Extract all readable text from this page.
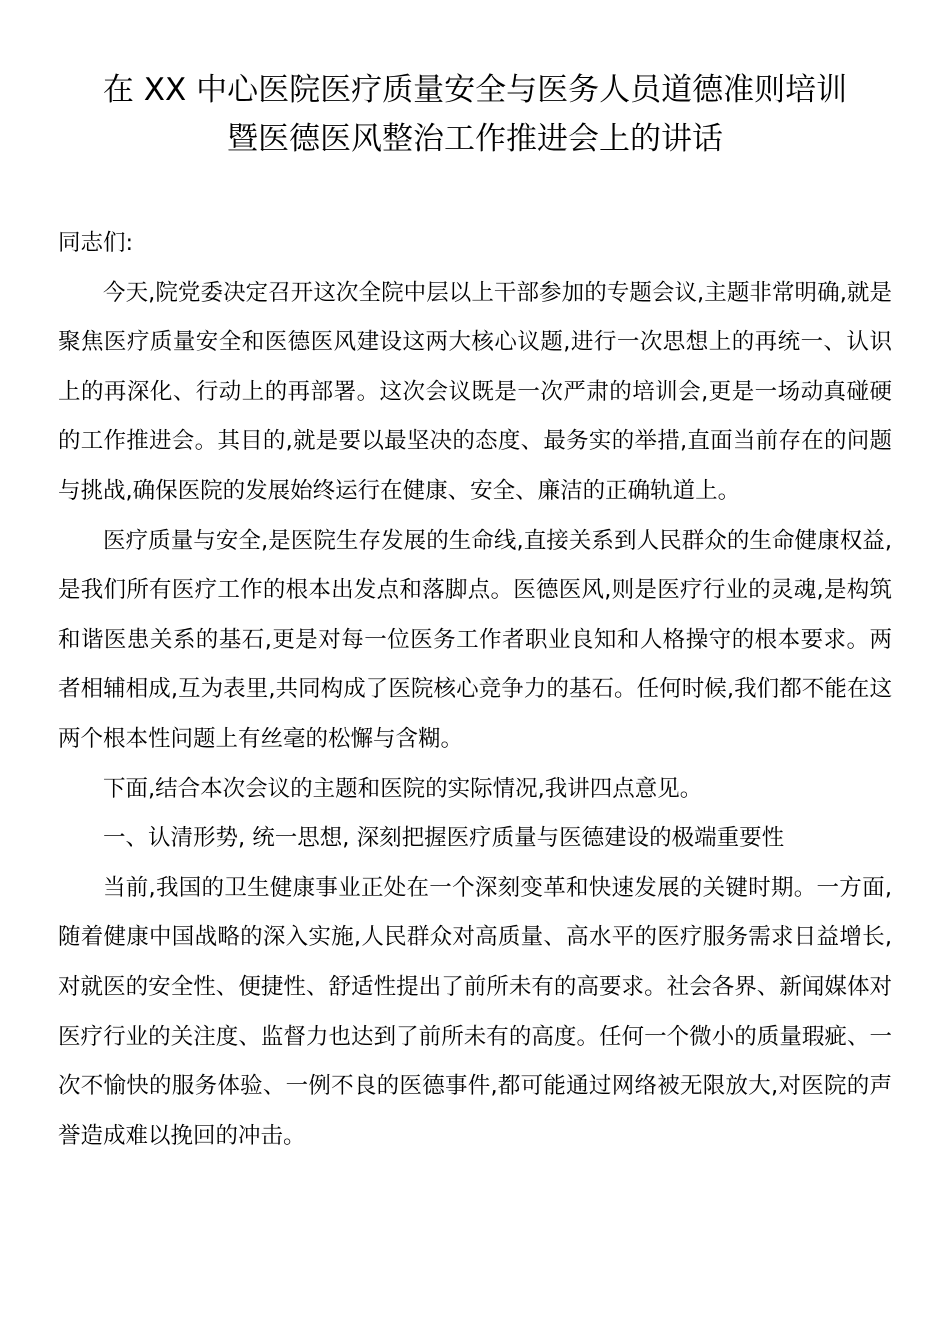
在 XX 中心医院医疗质量安全与医务人员道德准则培训
暨医德医风整治工作推进会上的讲话

同志们:

今天,院党委决定召开这次全院中层以上干部参加的专题会议,主题非常明确,就是聚焦医疗质量安全和医德医风建设这两大核心议题,进行一次思想上的再统一、认识上的再深化、行动上的再部署。这次会议既是一次严肃的培训会,更是一场动真碰硬的工作推进会。其目的,就是要以最坚决的态度、最务实的举措,直面当前存在的问题与挑战,确保医院的发展始终运行在健康、安全、廉洁的正确轨道上。

医疗质量与安全,是医院生存发展的生命线,直接关系到人民群众的生命健康权益,是我们所有医疗工作的根本出发点和落脚点。医德医风,则是医疗行业的灵魂,是构筑和谐医患关系的基石,更是对每一位医务工作者职业良知和人格操守的根本要求。两者相辅相成,互为表里,共同构成了医院核心竞争力的基石。任何时候,我们都不能在这两个根本性问题上有丝毫的松懈与含糊。

下面,结合本次会议的主题和医院的实际情况,我讲四点意见。

一、认清形势, 统一思想, 深刻把握医疗质量与医德建设的极端重要性

当前,我国的卫生健康事业正处在一个深刻变革和快速发展的关键时期。一方面,随着健康中国战略的深入实施,人民群众对高质量、高水平的医疗服务需求日益增长,对就医的安全性、便捷性、舒适性提出了前所未有的高要求。社会各界、新闻媒体对医疗行业的关注度、监督力也达到了前所未有的高度。任何一个微小的质量瑕疵、一次不愉快的服务体验、一例不良的医德事件,都可能通过网络被无限放大,对医院的声誉造成难以挽回的冲击。
